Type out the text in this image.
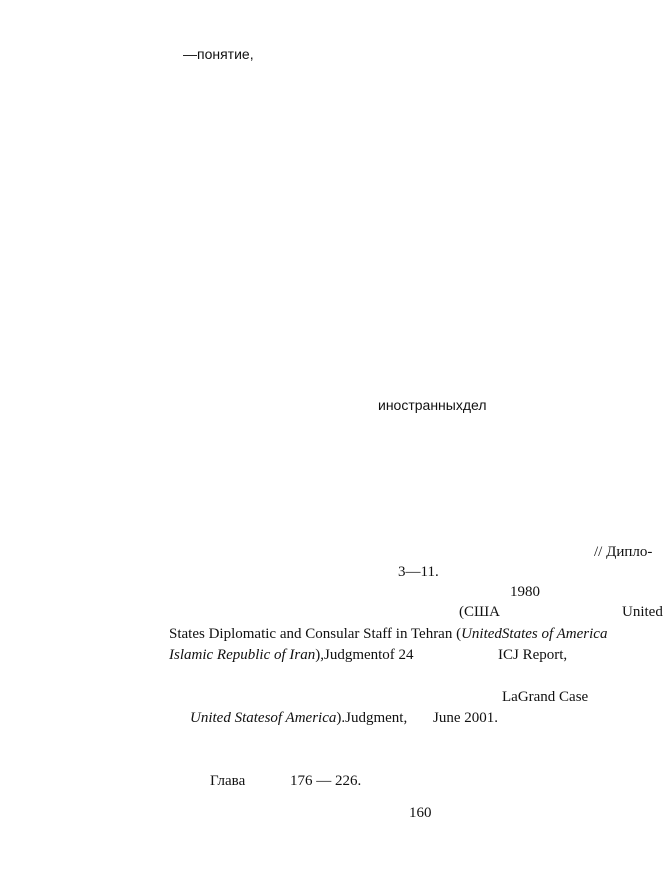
—понятие,
иностранныхдел
// Дипло-
3—11.
1980
(США	United
States Diplomatic and Consular Staff in Tehran (UnitedStates of America
Islamic Republic of Iran),Judgmentof 24	ICJ Report,
LaGrand Case
United Statesof America).Judgment, June 2001.
Глава	176 — 226.
160
